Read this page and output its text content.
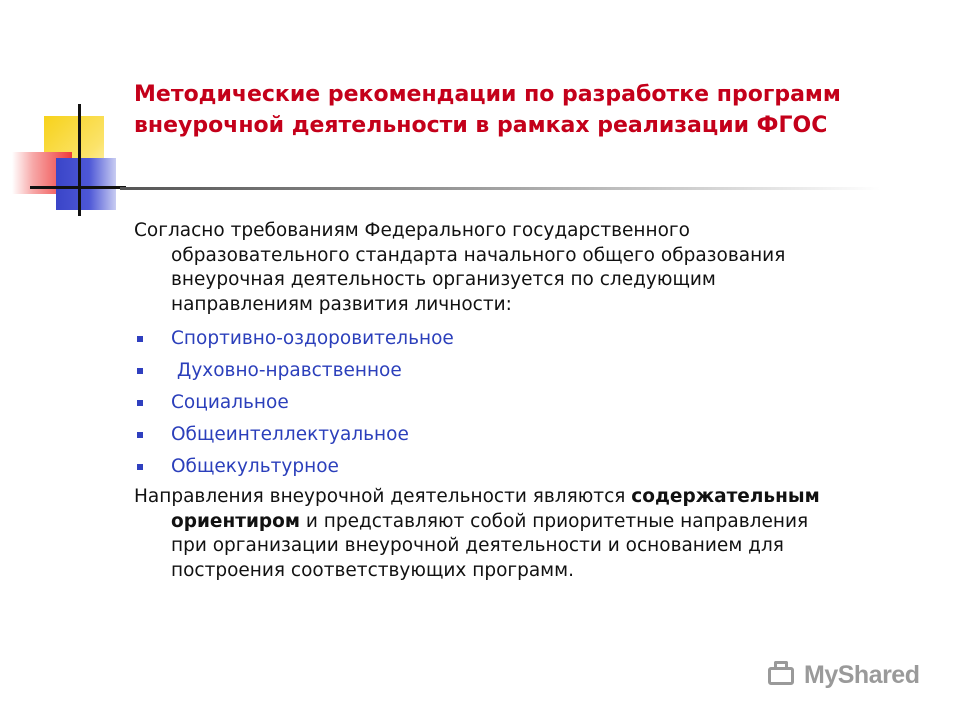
Методические рекомендации по разработке программ
внеурочной деятельности в рамках реализации ФГОС

Согласно требованиям Федерального государственного
образовательного стандарта начального общего образования
внеурочная деятельность организуется по следующим
направлениям развития личности:

Спортивно-оздоровительное
Духовно-нравственное
Социальное
Общеинтеллектуальное
Общекультурное

Направления внеурочной деятельности являются содержательным
ориентиром и представляют собой приоритетные направления
при организации внеурочной деятельности и основанием для
построения соответствующих программ.

MyShared
